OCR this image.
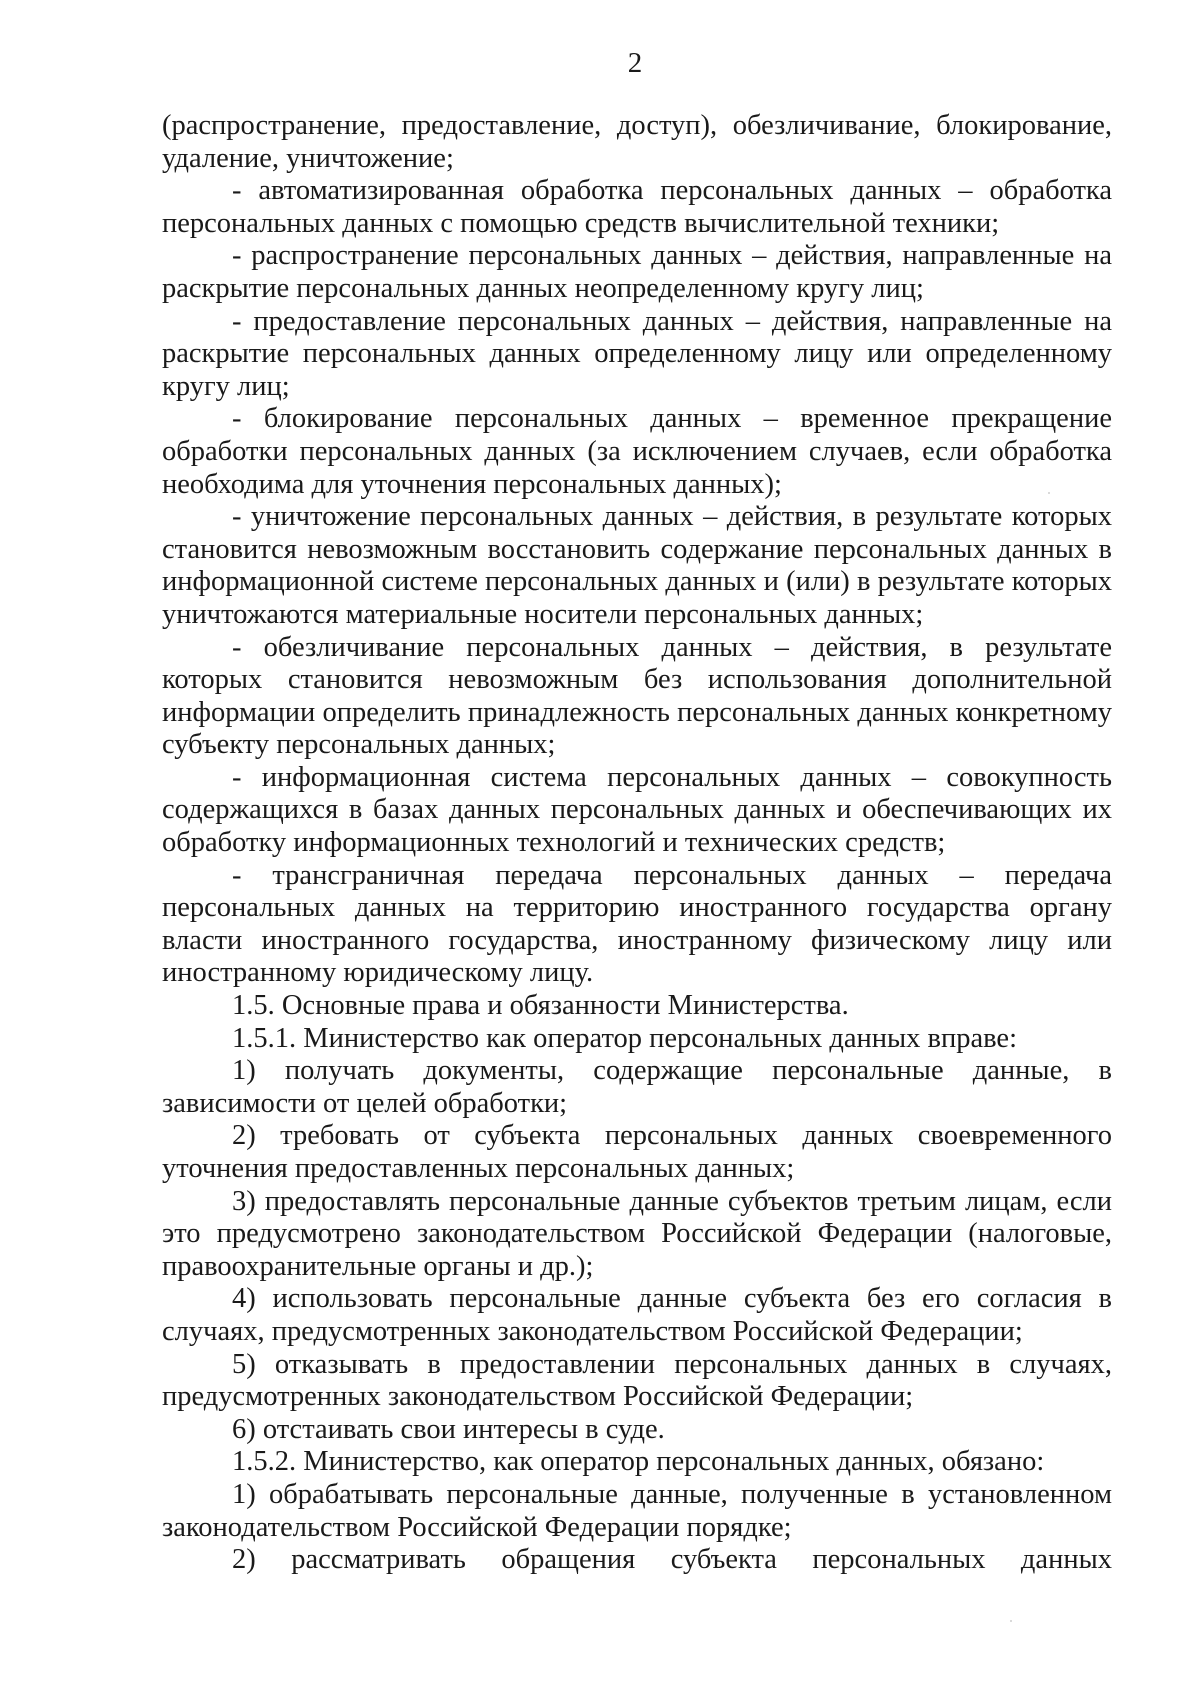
2

(распространение, предоставление, доступ), обезличивание, блокирование, удаление, уничтожение;

- автоматизированная обработка персональных данных – обработка персональных данных с помощью средств вычислительной техники;

- распространение персональных данных – действия, направленные на раскрытие персональных данных неопределенному кругу лиц;

- предоставление персональных данных – действия, направленные на раскрытие персональных данных определенному лицу или определенному кругу лиц;

- блокирование персональных данных – временное прекращение обработки персональных данных (за исключением случаев, если обработка необходима для уточнения персональных данных);

- уничтожение персональных данных – действия, в результате которых становится невозможным восстановить содержание персональных данных в информационной системе персональных данных и (или) в результате которых уничтожаются материальные носители персональных данных;

- обезличивание персональных данных – действия, в результате которых становится невозможным без использования дополнительной информации определить принадлежность персональных данных конкретному субъекту персональных данных;

- информационная система персональных данных – совокупность содержащихся в базах данных персональных данных и обеспечивающих их обработку информационных технологий и технических средств;

- трансграничная передача персональных данных – передача персональных данных на территорию иностранного государства органу власти иностранного государства, иностранному физическому лицу или иностранному юридическому лицу.

1.5. Основные права и обязанности Министерства.

1.5.1. Министерство как оператор персональных данных вправе:

1) получать документы, содержащие персональные данные, в зависимости от целей обработки;

2) требовать от субъекта персональных данных своевременного уточнения предоставленных персональных данных;

3) предоставлять персональные данные субъектов третьим лицам, если это предусмотрено законодательством Российской Федерации (налоговые, правоохранительные органы и др.);

4) использовать персональные данные субъекта без его согласия в случаях, предусмотренных законодательством Российской Федерации;

5) отказывать в предоставлении персональных данных в случаях, предусмотренных законодательством Российской Федерации;

6) отстаивать свои интересы в суде.

1.5.2. Министерство, как оператор персональных данных, обязано:

1) обрабатывать персональные данные, полученные в установленном законодательством Российской Федерации порядке;

2) рассматривать обращения субъекта персональных данных
